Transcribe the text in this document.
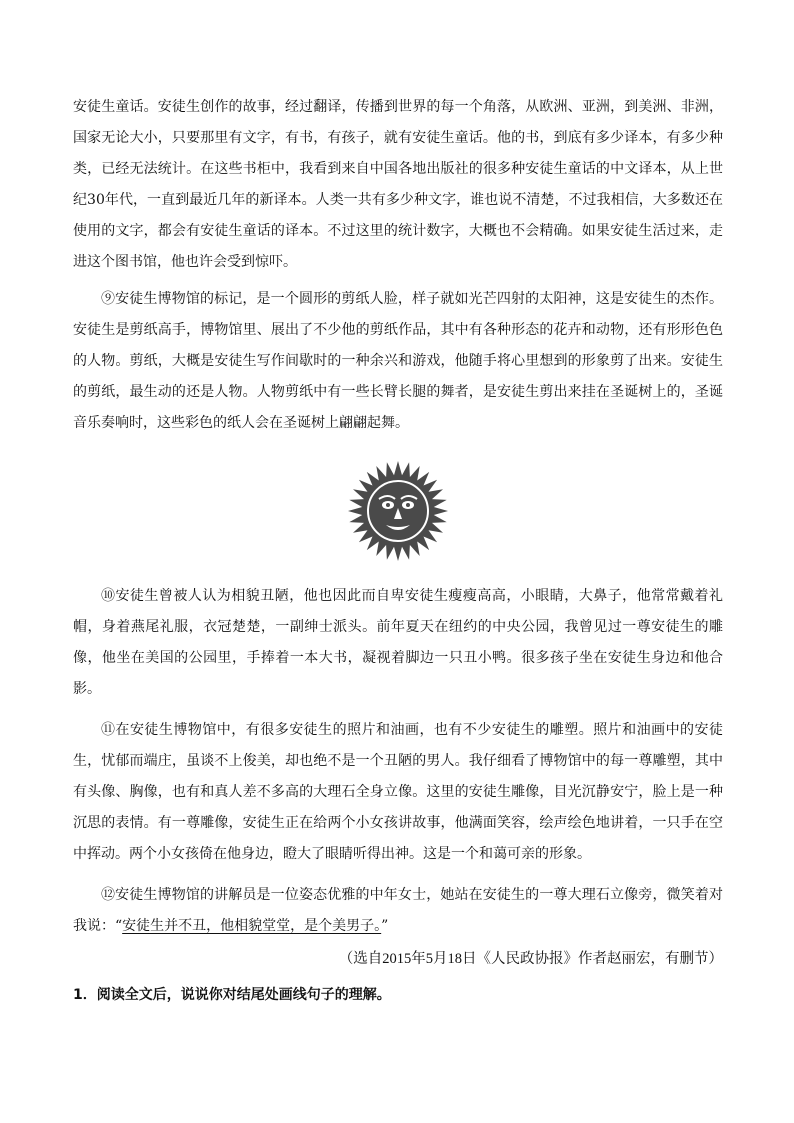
安徒生童话。安徒生创作的故事，经过翻译，传播到世界的每一个角落，从欧洲、亚洲，到美洲、非洲，国家无论大小，只要那里有文字，有书，有孩子，就有安徒生童话。他的书，到底有多少译本，有多少种类，已经无法统计。在这些书柜中，我看到来自中国各地出版社的很多种安徒生童话的中文译本，从上世纪30年代，一直到最近几年的新译本。人类一共有多少种文字，谁也说不清楚，不过我相信，大多数还在使用的文字，都会有安徒生童话的译本。不过这里的统计数字，大概也不会精确。如果安徒生活过来，走进这个图书馆，他也许会受到惊吓。

⑨安徒生博物馆的标记，是一个圆形的剪纸人脸，样子就如光芒四射的太阳神，这是安徒生的杰作。安徒生是剪纸高手，博物馆里、展出了不少他的剪纸作品，其中有各种形态的花卉和动物，还有形形色色的人物。剪纸，大概是安徒生写作间歇时的一种余兴和游戏，他随手将心里想到的形象剪了出来。安徒生的剪纸，最生动的还是人物。人物剪纸中有一些长臂长腿的舞者，是安徒生剪出来挂在圣诞树上的，圣诞音乐奏响时，这些彩色的纸人会在圣诞树上翩翩起舞。

⑩安徒生曾被人认为相貌丑陋，他也因此而自卑安徒生瘦瘦高高，小眼睛，大鼻子，他常常戴着礼帽，身着燕尾礼服，衣冠楚楚，一副绅士派头。前年夏天在纽约的中央公园，我曾见过一尊安徒生的雕像，他坐在美国的公园里，手捧着一本大书，凝视着脚边一只丑小鸭。很多孩子坐在安徒生身边和他合影。

⑪在安徒生博物馆中，有很多安徒生的照片和油画，也有不少安徒生的雕塑。照片和油画中的安徒生，忧郁而端庄，虽谈不上俊美，却也绝不是一个丑陋的男人。我仔细看了博物馆中的每一尊雕塑，其中有头像、胸像，也有和真人差不多高的大理石全身立像。这里的安徒生雕像，目光沉静安宁，脸上是一种沉思的表情。有一尊雕像，安徒生正在给两个小女孩讲故事，他满面笑容，绘声绘色地讲着，一只手在空中挥动。两个小女孩倚在他身边，瞪大了眼睛听得出神。这是一个和蔼可亲的形象。

⑫安徒生博物馆的讲解员是一位姿态优雅的中年女士，她站在安徒生的一尊大理石立像旁，微笑着对我说：“安徒生并不丑，他相貌堂堂，是个美男子。”

（选自2015年5月18日《人民政协报》作者赵丽宏，有删节）
1．阅读全文后，说说你对结尾处画线句子的理解。
